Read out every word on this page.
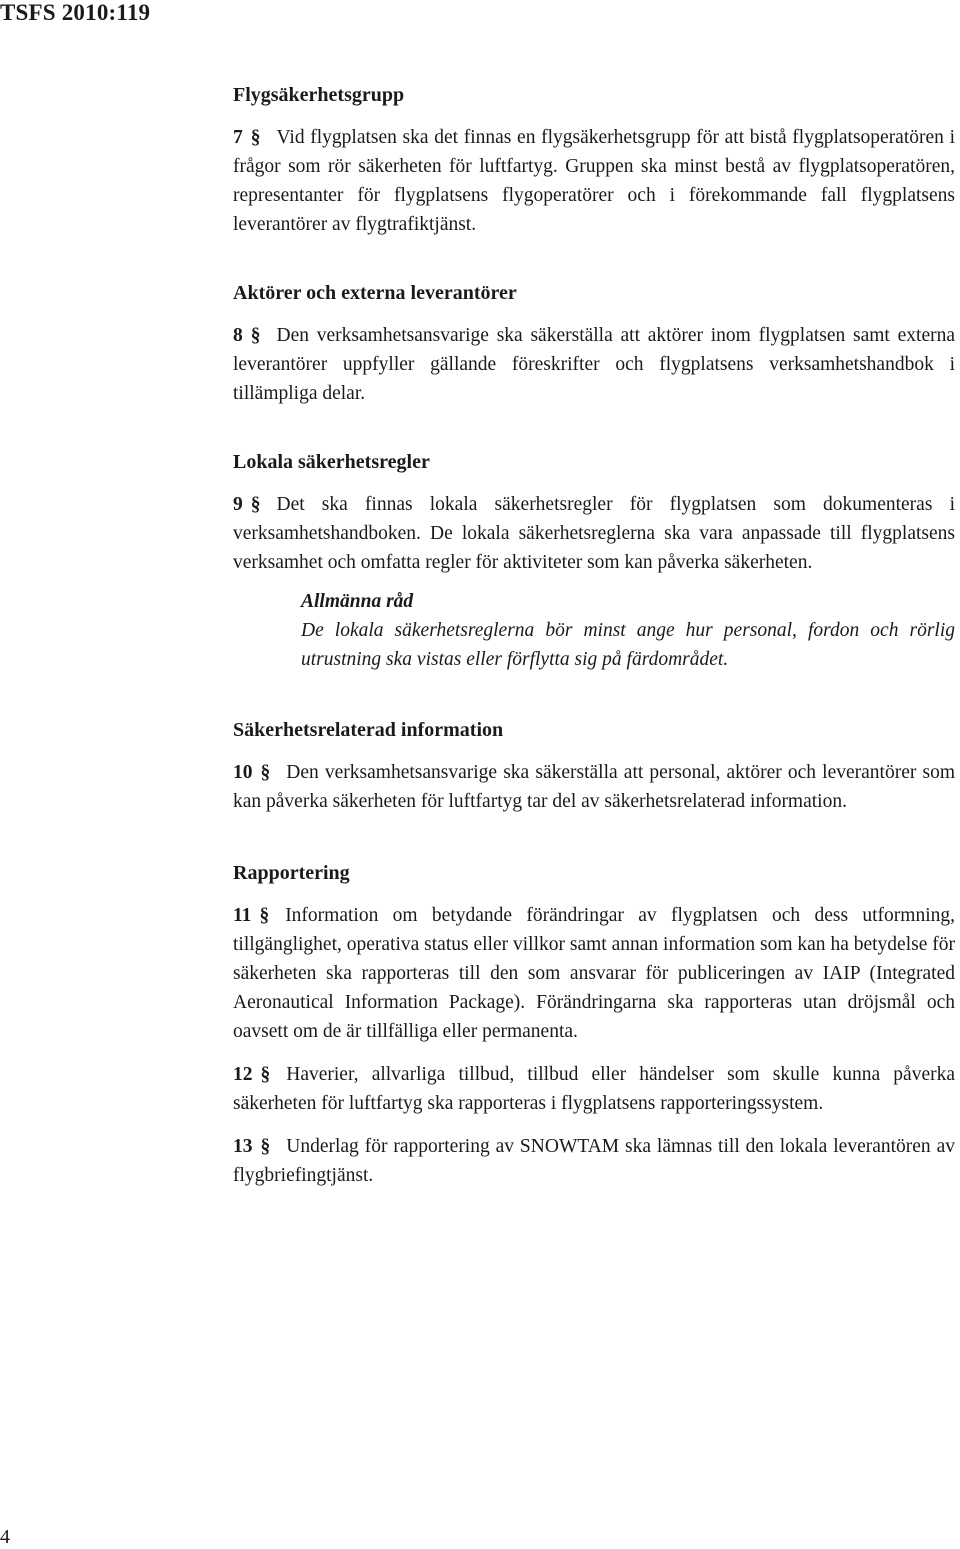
TSFS 2010:119
Flygsäkerhetsgrupp

7 § Vid flygplatsen ska det finnas en flygsäkerhetsgrupp för att bistå flygplatsoperatören i frågor som rör säkerheten för luftfartyg. Gruppen ska minst bestå av flygplatsoperatören, representanter för flygplatsens flygoperatörer och i förekommande fall flygplatsens leverantörer av flygtrafiktjänst.

Aktörer och externa leverantörer

8 § Den verksamhetsansvarige ska säkerställa att aktörer inom flygplatsen samt externa leverantörer uppfyller gällande föreskrifter och flygplatsens verksamhetshandbok i tillämpliga delar.

Lokala säkerhetsregler

9 § Det ska finnas lokala säkerhetsregler för flygplatsen som dokumenteras i verksamhetshandboken. De lokala säkerhetsreglerna ska vara anpassade till flygplatsens verksamhet och omfatta regler för aktiviteter som kan påverka säkerheten.

Allmänna råd
De lokala säkerhetsreglerna bör minst ange hur personal, fordon och rörlig utrustning ska vistas eller förflytta sig på färdområdet.
Säkerhetsrelaterad information

10 § Den verksamhetsansvarige ska säkerställa att personal, aktörer och leverantörer som kan påverka säkerheten för luftfartyg tar del av säkerhetsrelaterad information.

Rapportering

11 § Information om betydande förändringar av flygplatsen och dess utformning, tillgänglighet, operativa status eller villkor samt annan information som kan ha betydelse för säkerheten ska rapporteras till den som ansvarar för publiceringen av IAIP (Integrated Aeronautical Information Package). Förändringarna ska rapporteras utan dröjsmål och oavsett om de är tillfälliga eller permanenta.

12 § Haverier, allvarliga tillbud, tillbud eller händelser som skulle kunna påverka säkerheten för luftfartyg ska rapporteras i flygplatsens rapporteringssystem.

13 § Underlag för rapportering av SNOWTAM ska lämnas till den lokala leverantören av flygbriefingtjänst.

4
